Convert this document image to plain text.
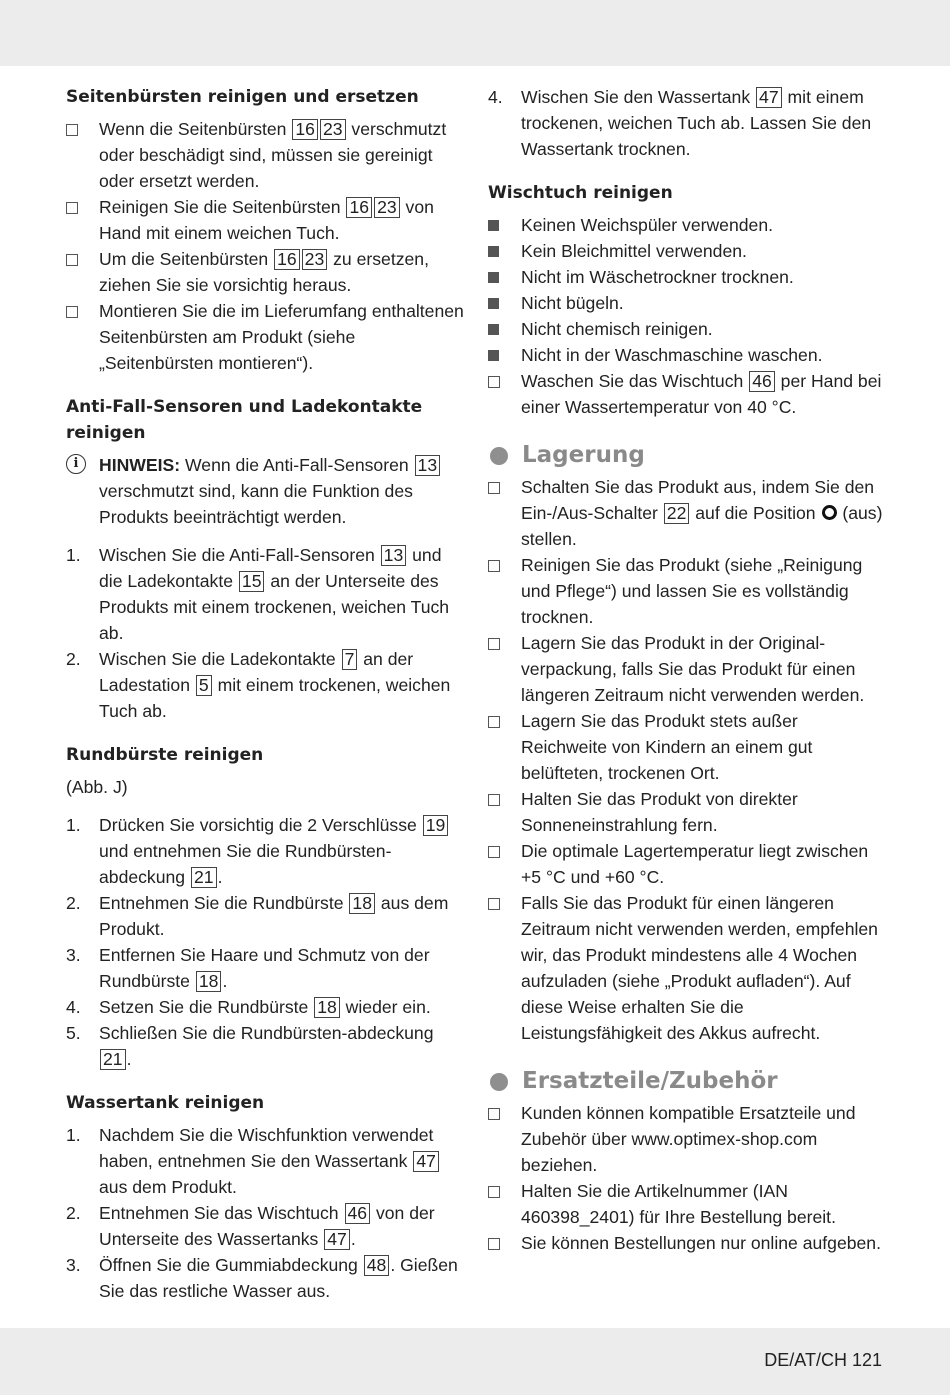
Seitenbürsten reinigen und ersetzen
Wenn die Seitenbürsten 16 23 verschmutzt oder beschädigt sind, müssen sie gereinigt oder ersetzt werden.
Reinigen Sie die Seitenbürsten 16 23 von Hand mit einem weichen Tuch.
Um die Seitenbürsten 16 23 zu ersetzen, ziehen Sie sie vorsichtig heraus.
Montieren Sie die im Lieferumfang enthaltenen Seitenbürsten am Produkt (siehe „Seitenbürsten montieren“).
Anti-Fall-Sensoren und Ladekontakte reinigen
i	HINWEIS: Wenn die Anti-Fall-Sensoren 13 verschmutzt sind, kann die Funktion des Produkts beeinträchtigt werden.
1.	Wischen Sie die Anti-Fall-Sensoren 13 und die Ladekontakte 15 an der Unterseite des Produkts mit einem trockenen, weichen Tuch ab.
2.	Wischen Sie die Ladekontakte 7 an der Ladestation 5 mit einem trockenen, weichen Tuch ab.
Rundbürste reinigen
(Abb. J)
1.	Drücken Sie vorsichtig die 2 Verschlüsse 19 und entnehmen Sie die Rundbürsten-abdeckung 21 .
2.	Entnehmen Sie die Rundbürste 18 aus dem Produkt.
3.	Entfernen Sie Haare und Schmutz von der Rundbürste 18 .
4.	Setzen Sie die Rundbürste 18 wieder ein.
5.	Schließen Sie die Rundbürsten-abdeckung 21 .
Wassertank reinigen
1.	Nachdem Sie die Wischfunktion verwendet haben, entnehmen Sie den Wassertank 47 aus dem Produkt.
2.	Entnehmen Sie das Wischtuch 46 von der Unterseite des Wassertanks 47 .
3.	Öffnen Sie die Gummiabdeckung 48 . Gießen Sie das restliche Wasser aus.
4.	Wischen Sie den Wassertank 47 mit einem trockenen, weichen Tuch ab. Lassen Sie den Wassertank trocknen.
Wischtuch reinigen
Keinen Weichspüler verwenden.
Kein Bleichmittel verwenden.
Nicht im Wäschetrockner trocknen.
Nicht bügeln.
Nicht chemisch reinigen.
Nicht in der Waschmaschine waschen.
Waschen Sie das Wischtuch 46 per Hand bei einer Wassertemperatur von 40 °C.
Lagerung
Schalten Sie das Produkt aus, indem Sie den Ein-/Aus-Schalter 22 auf die Position (aus) stellen.
Reinigen Sie das Produkt (siehe „Reinigung und Pflege“) und lassen Sie es vollständig trocknen.
Lagern Sie das Produkt in der Original-verpackung, falls Sie das Produkt für einen längeren Zeitraum nicht verwenden werden.
Lagern Sie das Produkt stets außer Reichweite von Kindern an einem gut belüfteten, trockenen Ort.
Halten Sie das Produkt von direkter Sonneneinstrahlung fern.
Die optimale Lagertemperatur liegt zwischen +5 °C und +60 °C.
Falls Sie das Produkt für einen längeren Zeitraum nicht verwenden werden, empfehlen wir, das Produkt mindestens alle 4 Wochen aufzuladen (siehe „Produkt aufladen“). Auf diese Weise erhalten Sie die Leistungsfähigkeit des Akkus aufrecht.
Ersatzteile/Zubehör
Kunden können kompatible Ersatzteile und Zubehör über www.optimex-shop.com beziehen.
Halten Sie die Artikelnummer (IAN 460398_2401) für Ihre Bestellung bereit.
Sie können Bestellungen nur online aufgeben.
DE/AT/CH 121
